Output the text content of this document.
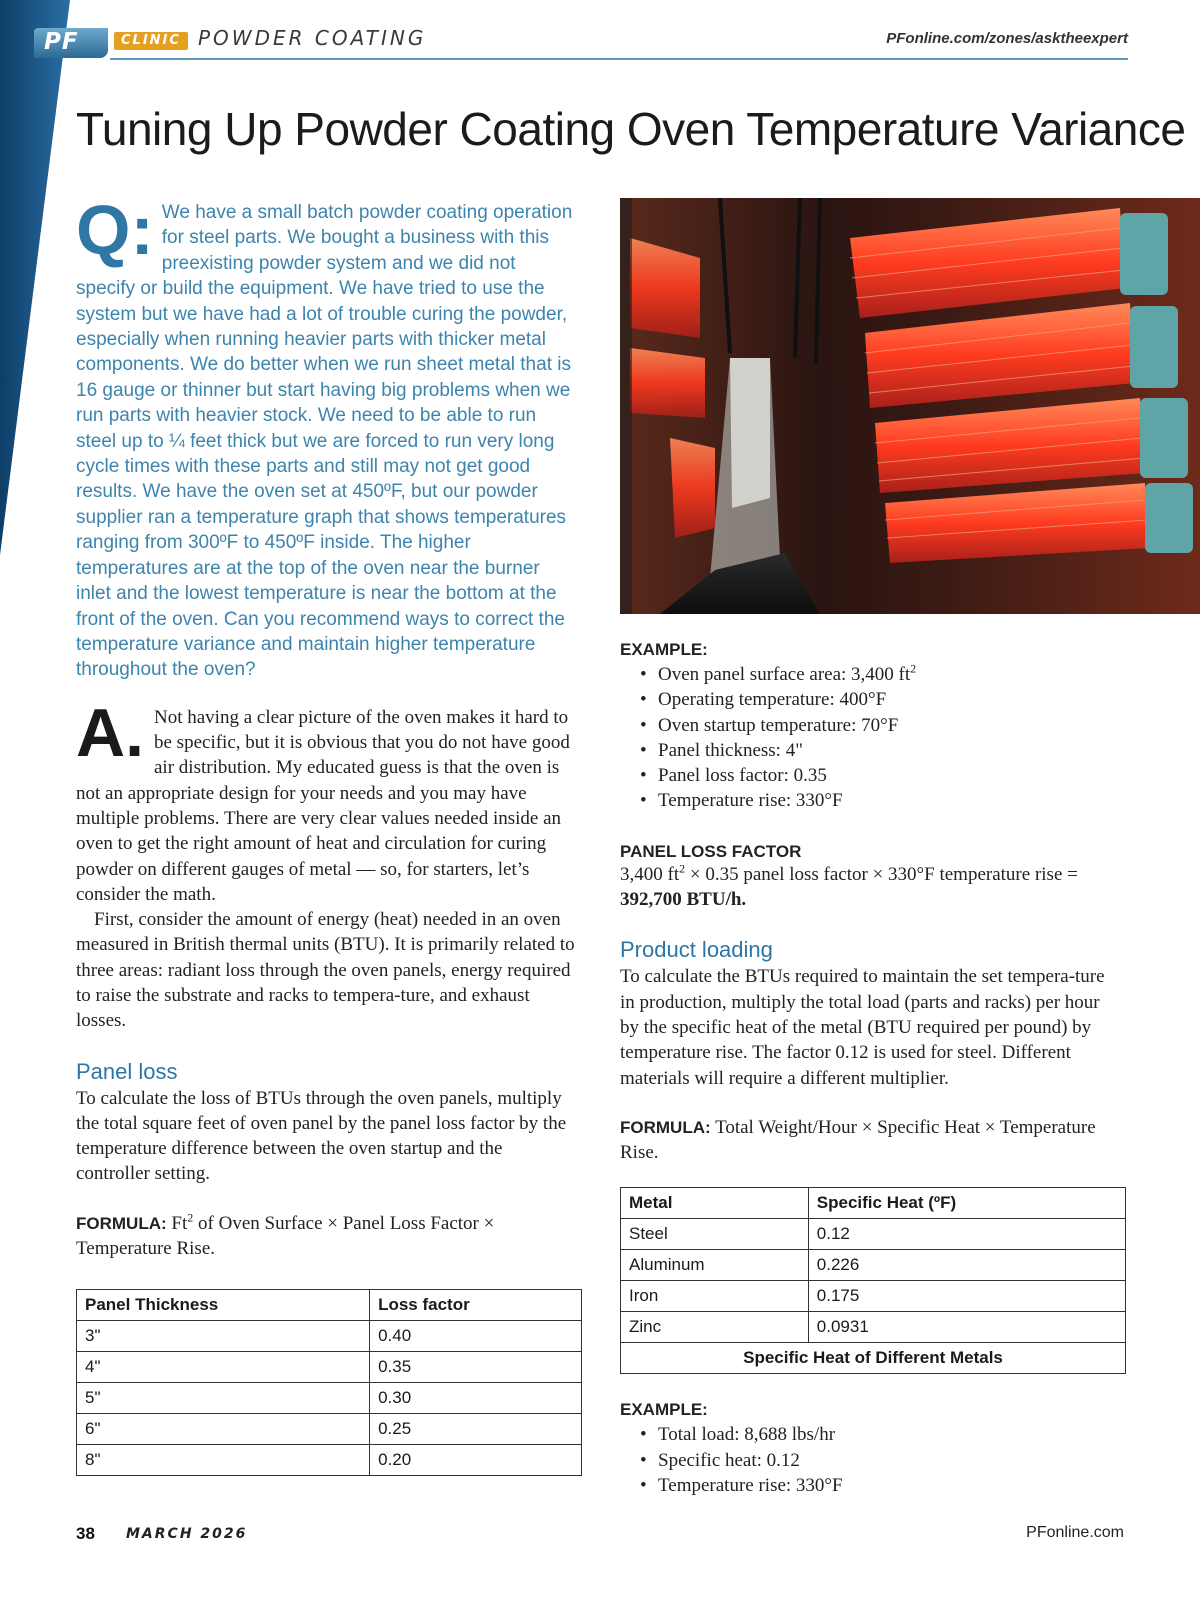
PF	CLINIC POWDER COATING	PFonline.com/zones/asktheexpert
Tuning Up Powder Coating Oven Temperature Variance
Q: We have a small batch powder coating operation for steel parts. We bought a business with this preexisting powder system and we did not specify or build the equipment. We have tried to use the system but we have had a lot of trouble curing the powder, especially when running heavier parts with thicker metal components. We do better when we run sheet metal that is 16 gauge or thinner but start having big problems when we run parts with heavier stock. We need to be able to run steel up to ¼ feet thick but we are forced to run very long cycle times with these parts and still may not get good results. We have the oven set at 450ºF, but our powder supplier ran a temperature graph that shows temperatures ranging from 300ºF to 450ºF inside. The higher temperatures are at the top of the oven near the burner inlet and the lowest temperature is near the bottom at the front of the oven. Can you recommend ways to correct the temperature variance and maintain higher temperature throughout the oven?
A. Not having a clear picture of the oven makes it hard to be specific, but it is obvious that you do not have good air distribution. My educated guess is that the oven is not an appropriate design for your needs and you may have multiple problems. There are very clear values needed inside an oven to get the right amount of heat and circulation for curing powder on different gauges of metal — so, for starters, let’s consider the math.

First, consider the amount of energy (heat) needed in an oven measured in British thermal units (BTU). It is primarily related to three areas: radiant loss through the oven panels, energy required to raise the substrate and racks to tempera-ture, and exhaust losses.

Panel loss

To calculate the loss of BTUs through the oven panels, multiply the total square feet of oven panel by the panel loss factor by the temperature difference between the oven startup and the controller setting.

FORMULA: Ft$^2$ of Oven Surface × Panel Loss Factor × Temperature Rise.

Panel Thickness	Loss factor
3"	0.40
4"	0.35
5"	0.30
6"	0.25
8"	0.20
EXAMPLE:
• Oven panel surface area: 3,400 $ft^2$
• Operating temperature: 400°F
• Oven startup temperature: 70°F
• Panel thickness: 4"
• Panel loss factor: 0.35
• Temperature rise: 330°F
PANEL LOSS FACTOR

3,400 $ft^2 \times 0.35$ panel loss factor × 330°F temperature rise = 392,700 BTU/h.

Product loading

To calculate the BTUs required to maintain the set tempera-ture in production, multiply the total load (parts and racks) per hour by the specific heat of the metal (BTU required per pound) by temperature rise. The factor 0.12 is used for steel. Different materials will require a different multiplier.

FORMULA: Total Weight/Hour × Specific Heat × Temperature Rise.

Metal	Specific Heat (ºF)
Steel	0.12
Aluminum	0.226
Iron	0.175
Zinc	0.0931
Specific Heat of Different Metals	
EXAMPLE:
• Total load: 8,688 lbs/hr
• Specific heat: 0.12
• Temperature rise: 330°F
38 MARCH 2026	PFonline.com
